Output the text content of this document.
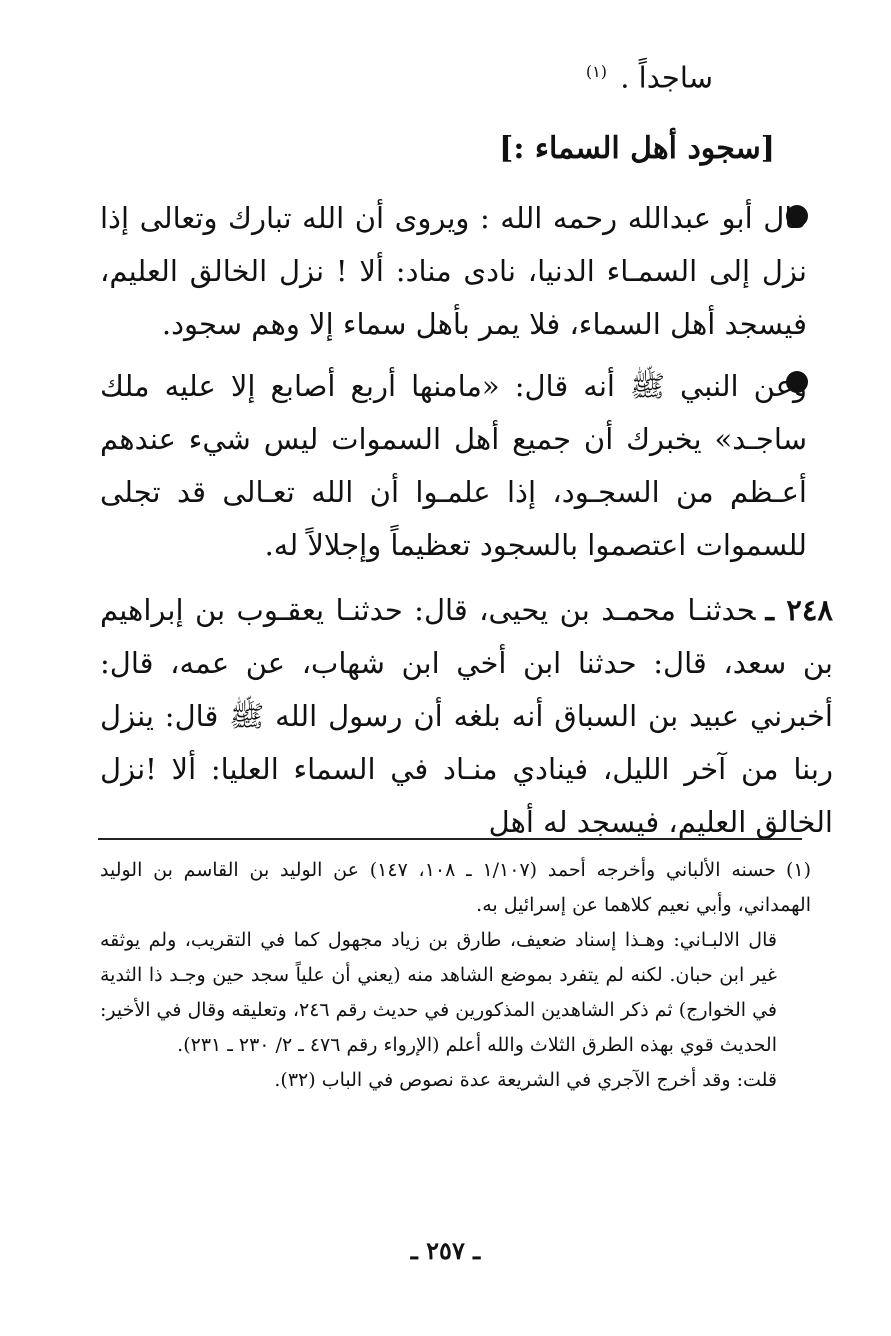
ساجداً . $^{(١)}$
[سجود أهل السماء :]
قال أبو عبدالله رحمه الله : ويروى أن الله تبارك وتعالى إذا نزل إلى السمـاء الدنيا، نادى مناد: ألا ! نزل الخالق العليم، فيسجد أهل السماء، فلا يمر بأهل سماء إلا وهم سجود.
وعن النبي ﷺ أنه قال: «مامنها أربع أصابع إلا عليه ملك ساجـد» يخبرك أن جميع أهل السموات ليس شيء عندهم أعـظم من السجـود، إذا علمـوا أن الله تعـالى قد تجلى للسموات اعتصموا بالسجود تعظيماً وإجلالاً له.
٢٤٨ ـحدثنـا محمـد بن يحيى، قال: حدثنـا يعقـوب بن إبراهيم بن سعد، قال: حدثنا ابن أخي ابن شهاب، عن عمه، قال: أخبرني عبيد بن السباق أنه بلغه أن رسول الله ﷺ قال: ينزل ربنا من آخر الليل، فينادي منـاد في السماء العليا: ألا !نزل الخالق العليم، فيسجد له أهل

(١)حسنه الألباني وأخرجه أحمد (١/١٠٧ ـ ١٠٨، ١٤٧) عن الوليد بن القاسم بن الوليد الهمداني، وأبي نعيم كلاهما عن إسرائيل به.

قال الالبـاني: وهـذا إسناد ضعيف، طارق بن زياد مجهول كما في التقريب، ولم يوثقه غير ابن حبان. لكنه لم يتفرد بموضع الشاهد منه (يعني أن علياً سجد حين وجـد ذا الثدية في الخوارج) ثم ذكر الشاهدين المذكورين في حديث رقم ٢٤٦، وتعليقه وقال في الأخير: الحديث قوي بهذه الطرق الثلاث والله أعلم (الإرواء رقم ٤٧٦ ـ ٢/ ٢٣٠ ـ ٢٣١).

قلت: وقد أخرج الآجري في الشريعة عدة نصوص في الباب (٣٢).

ـ ٢٥٧ ـ
